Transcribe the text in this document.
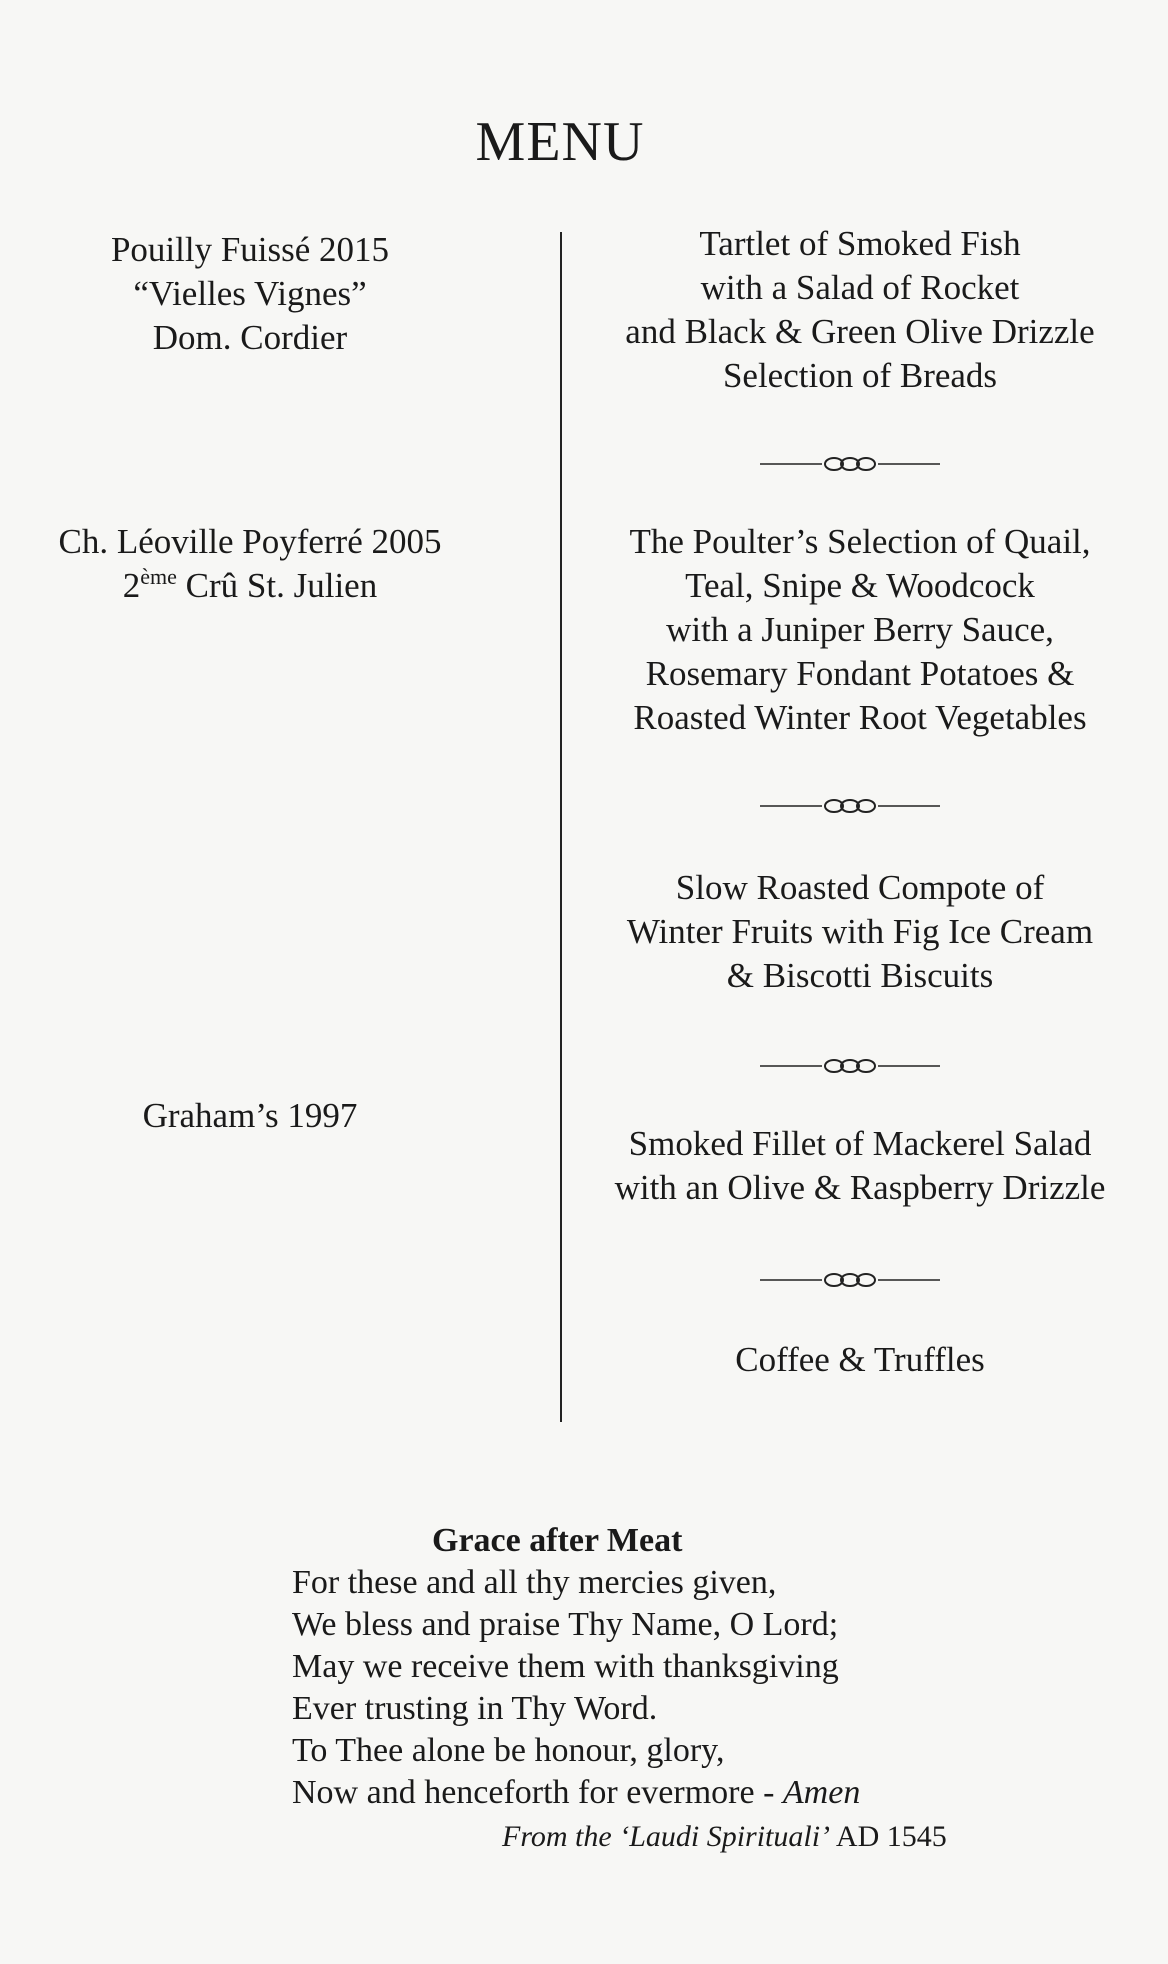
MENU
Pouilly Fuissé 2015
“Vielles Vignes”
Dom. Cordier
Ch. Léoville Poyferré 2005
2ème Crû St. Julien
Graham’s 1997
Tartlet of Smoked Fish
with a Salad of Rocket
and Black & Green Olive Drizzle
Selection of Breads
The Poulter’s Selection of Quail,
Teal, Snipe & Woodcock
with a Juniper Berry Sauce,
Rosemary Fondant Potatoes &
Roasted Winter Root Vegetables
Slow Roasted Compote of
Winter Fruits with Fig Ice Cream
& Biscotti Biscuits
Smoked Fillet of Mackerel Salad
with an Olive & Raspberry Drizzle
Coffee & Truffles
Grace after Meat
For these and all thy mercies given,
We bless and praise Thy Name, O Lord;
May we receive them with thanksgiving
Ever trusting in Thy Word.
To Thee alone be honour, glory,
Now and henceforth for evermore - Amen
From the ‘Laudi Spirituali’ AD 1545
